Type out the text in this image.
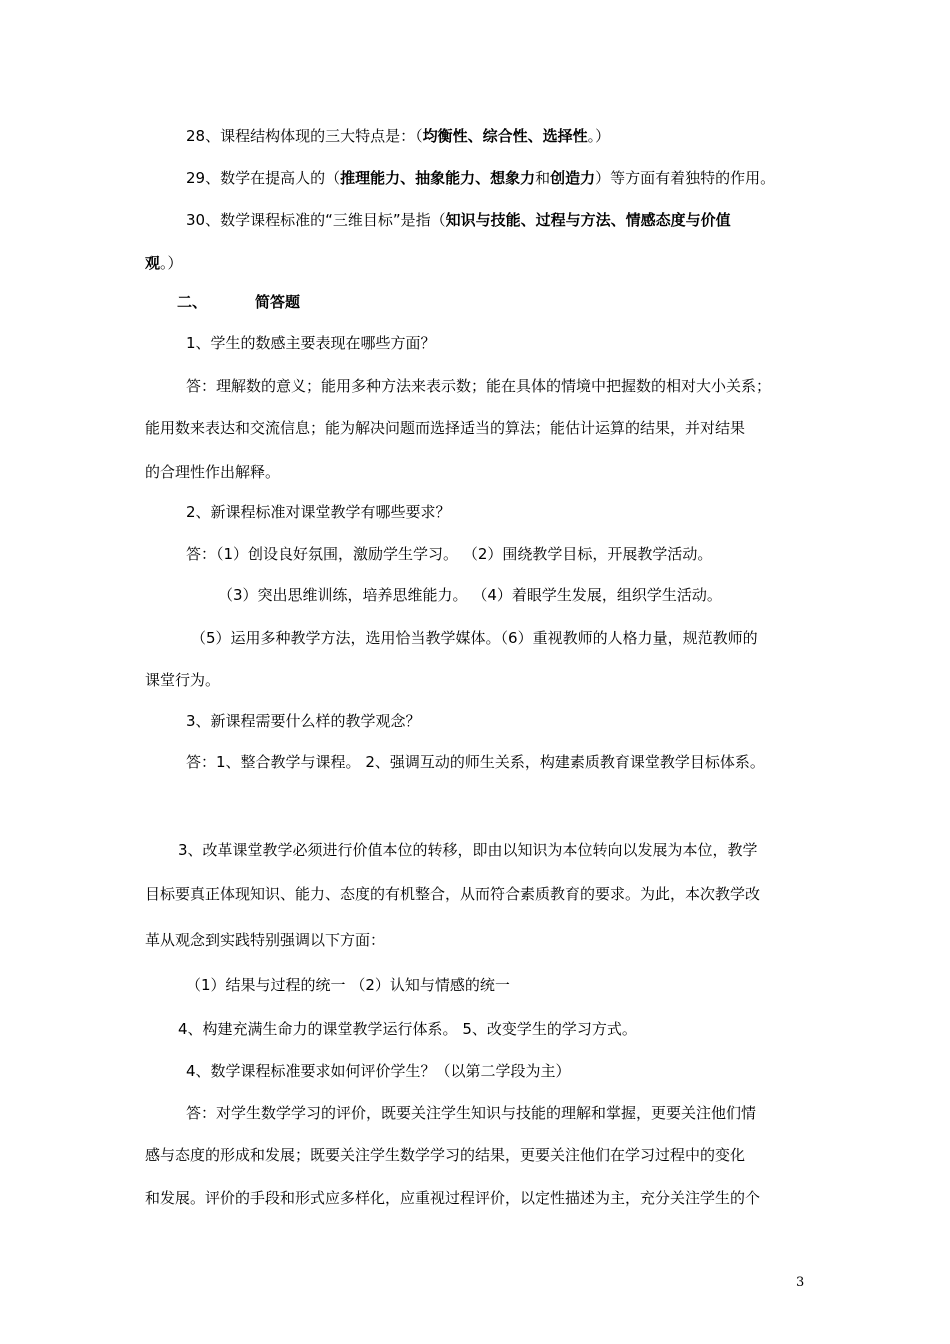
28、课程结构体现的三大特点是：（均衡性、综合性、选择性。）
29、数学在提高人的（推理能力、抽象能力、想象力和创造力）等方面有着独特的作用。
30、数学课程标准的“三维目标”是指（知识与技能、过程与方法、情感态度与价值
观。）
二、	简答题
1、学生的数感主要表现在哪些方面？
答：理解数的意义；能用多种方法来表示数；能在具体的情境中把握数的相对大小关系；
能用数来表达和交流信息；能为解决问题而选择适当的算法；能估计运算的结果，并对结果
的合理性作出解释。
2、新课程标准对课堂教学有哪些要求？
答：（1）创设良好氛围，激励学生学习。 （2）围绕教学目标，开展教学活动。
（3）突出思维训练，培养思维能力。 （4）着眼学生发展，组织学生活动。
（5）运用多种教学方法，选用恰当教学媒体。（6）重视教师的人格力量，规范教师的
课堂行为。
3、新课程需要什么样的教学观念？
答：1、整合教学与课程。 2、强调互动的师生关系，构建素质教育课堂教学目标体系。
3、改革课堂教学必须进行价值本位的转移，即由以知识为本位转向以发展为本位，教学
目标要真正体现知识、能力、态度的有机整合，从而符合素质教育的要求。为此，本次教学改
革从观念到实践特别强调以下方面：
（1）结果与过程的统一 （2）认知与情感的统一
4、构建充满生命力的课堂教学运行体系。 5、改变学生的学习方式。
4、数学课程标准要求如何评价学生？（以第二学段为主）
答：对学生数学学习的评价，既要关注学生知识与技能的理解和掌握，更要关注他们情
感与态度的形成和发展；既要关注学生数学学习的结果，更要关注他们在学习过程中的变化
和发展。评价的手段和形式应多样化，应重视过程评价，以定性描述为主，充分关注学生的个
3
